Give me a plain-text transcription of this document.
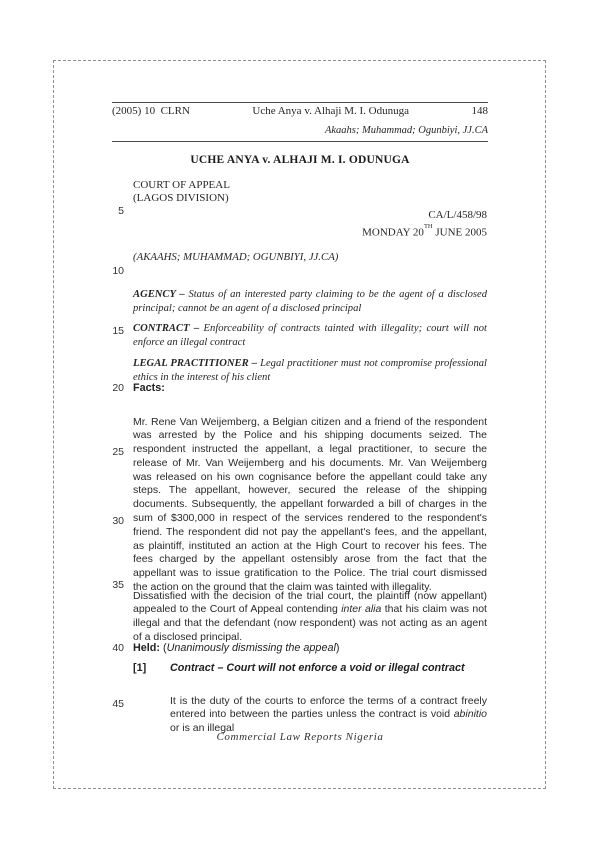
(2005) 10  CLRN	Uche Anya v. Alhaji M. I. Odunuga	148
Akaahs; Muhammad; Ogunbiyi, JJ.CA
UCHE ANYA v. ALHAJI M. I. ODUNUGA
COURT OF APPEAL
(LAGOS DIVISION)
CA/L/458/98
MONDAY 20TH JUNE 2005
(AKAAHS; MUHAMMAD; OGUNBIYI, JJ.CA)

AGENCY – Status of an interested party claiming to be the agent of a disclosed principal; cannot be an agent of a disclosed principal

CONTRACT – Enforceability of contracts tainted with illegality; court will not enforce an illegal contract

LEGAL PRACTITIONER – Legal practitioner must not compromise professional ethics in the interest of his client

Facts:

Mr. Rene Van Weijemberg, a Belgian citizen and a friend of the respondent was arrested by the Police and his shipping documents seized. The respondent instructed the appellant, a legal practitioner, to secure the release of Mr. Van Weijemberg and his documents. Mr. Van Weijemberg was released on his own cognisance before the appellant could take any steps. The appellant, however, secured the release of the shipping documents. Subsequently, the appellant forwarded a bill of charges in the sum of $300,000 in respect of the services rendered to the respondent's friend. The respondent did not pay the appellant's fees, and the appellant, as plaintiff, instituted an action at the High Court to recover his fees. The fees charged by the appellant ostensibly arose from the fact that the appellant was to issue gratification to the Police. The trial court dismissed the action on the ground that the claim was tainted with illegality.

Dissatisfied with the decision of the trial court, the plaintiff (now appellant) appealed to the Court of Appeal contending inter alia that his claim was not illegal and that the defendant (now respondent) was not acting as an agent of a disclosed principal.

Held: (Unanimously dismissing the appeal)
[1] Contract – Court will not enforce a void or illegal contract

It is the duty of the courts to enforce the terms of a contract freely entered into between the parties unless the contract is void abinitio or is an illegal

5
10
15
20
25
30
35
40
45
Commercial Law Reports Nigeria
